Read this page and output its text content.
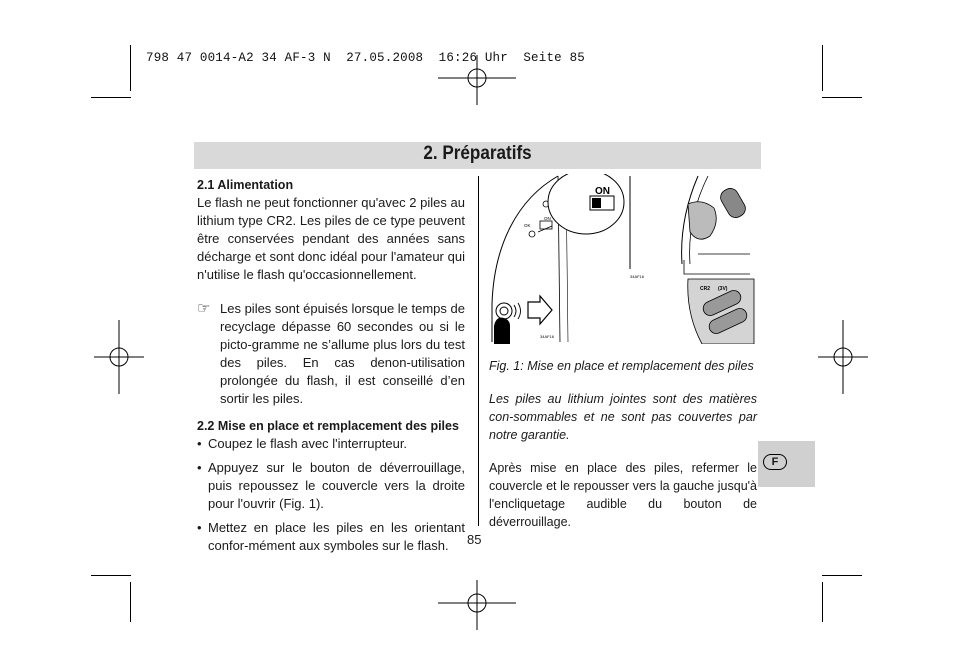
798 47 0014-A2 34 AF-3 N  27.05.2008  16:26 Uhr  Seite 85
2. Préparatifs

2.1 Alimentation

Le flash ne peut fonctionner qu'avec 2 piles au lithium type CR2. Les piles de ce type peuvent être conservées pendant des années sans décharge et sont donc idéal pour l'amateur qui n'utilise le flash qu'occasionnellement.

☞ Les piles sont épuisés lorsque le temps de recyclage dépasse 60 secondes ou si le picto-gramme ne s’allume plus lors du test des piles. En cas denon-utilisation prolongée du flash, il est conseillé d’en sortir les piles.

2.2 Mise en place et remplacement des piles

• Coupez le flash avec l'interrupteur.
• Appuyez sur le bouton de déverrouillage, puis repoussez le couvercle vers la droite pour l'ouvrir (Fig. 1).
• Mettez en place les piles en les orientant confor-mément aux symboles sur le flash.
OK
ON
ON
34AF16
34AF16
CR2 (3V)
Fig. 1: Mise en place et remplacement des piles

Les piles au lithium jointes sont des matières con-sommables et ne sont pas couvertes par notre garantie.

Après mise en place des piles, refermer le couvercle et le repousser vers la gauche jusqu'à l'encliquetage audible du bouton de déverrouillage.

F
85
